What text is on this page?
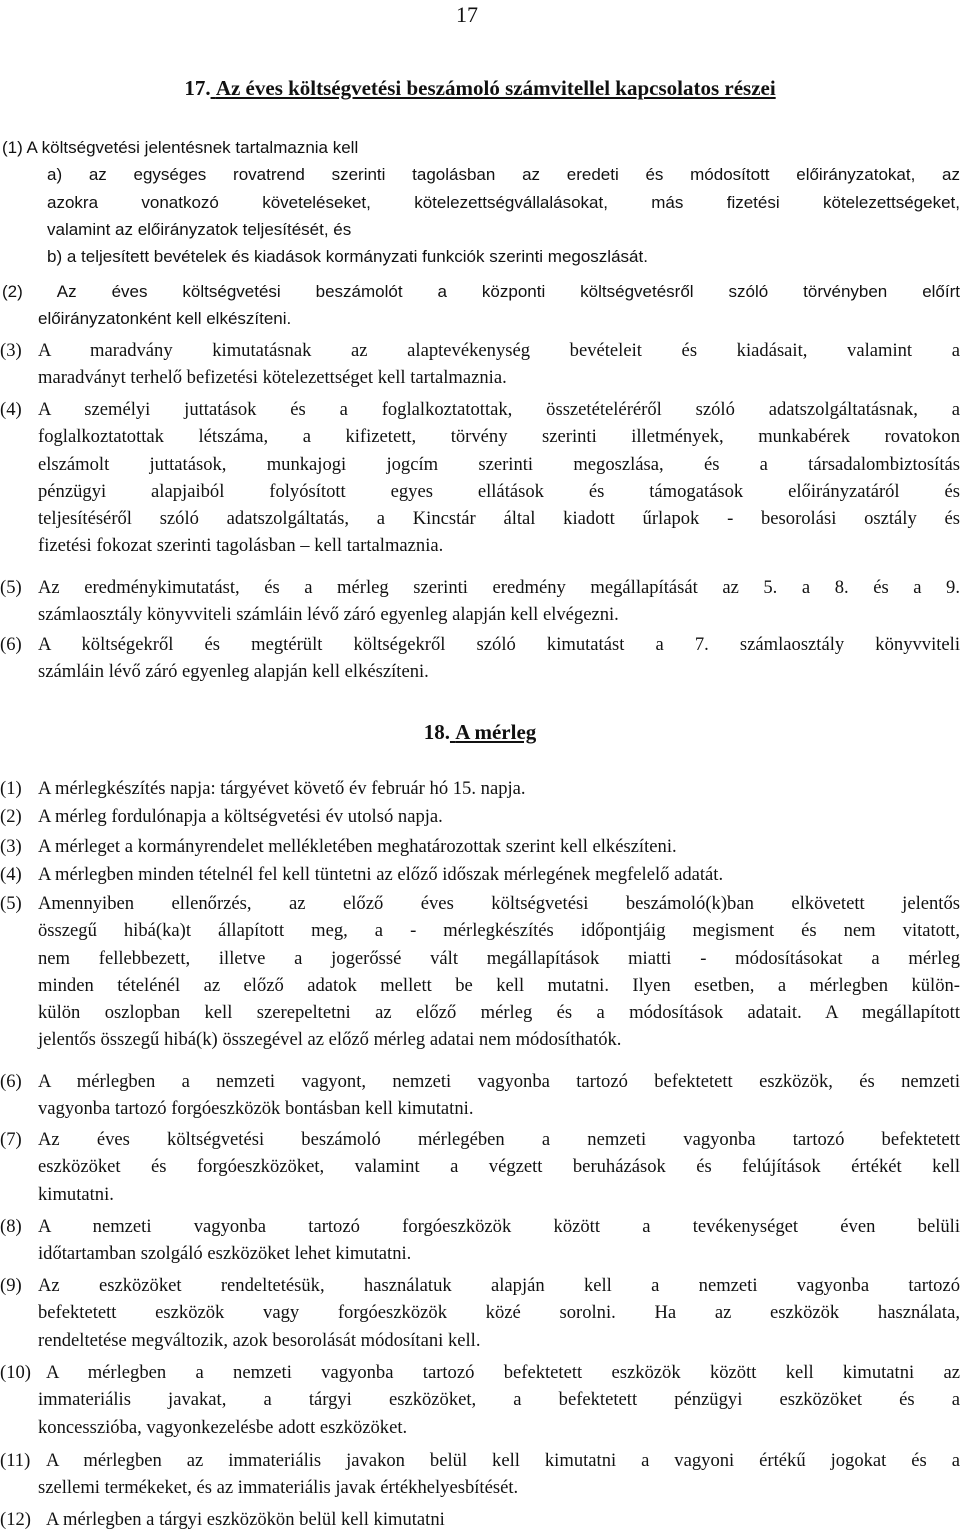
17
17. Az éves költségvetési beszámoló számvitellel kapcsolatos részei
(1) A költségvetési jelentésnek tartalmaznia kell
a) az egységes rovatrend szerinti tagolásban az eredeti és módosított előirányzatokat, az
azokra vonatkozó követeléseket, kötelezettségvállalásokat, más fizetési kötelezettségeket,
valamint az előirányzatok teljesítését, és
b) a teljesített bevételek és kiadások kormányzati funkciók szerinti megoszlását.
(2) Az éves költségvetési beszámolót a központi költségvetésről szóló törvényben előírt
előirányzatonként kell elkészíteni.
(3) A maradvány kimutatásnak az alaptevékenység bevételeit és kiadásait, valamint a
maradványt terhelő befizetési kötelezettséget kell tartalmaznia.
(4) A személyi juttatások és a foglalkoztatottak, összetételéréről szóló adatszolgáltatásnak, a
foglalkoztatottak létszáma, a kifizetett, törvény szerinti illetmények, munkabérek rovatokon
elszámolt juttatások, munkajogi jogcím szerinti megoszlása, és a társadalombiztosítás
pénzügyi alapjaiból folyósított egyes ellátások és támogatások előirányzatáról és
teljesítéséről szóló adatszolgáltatás, a Kincstár által kiadott űrlapok - besorolási osztály és
fizetési fokozat szerinti tagolásban – kell tartalmaznia.
(5) Az eredménykimutatást, és a mérleg szerinti eredmény megállapítását az 5. a 8. és a 9.
számlaosztály könyvviteli számláin lévő záró egyenleg alapján kell elvégezni.
(6) A költségekről és megtérült költségekről szóló kimutatást a 7. számlaosztály könyvviteli
számláin lévő záró egyenleg alapján kell elkészíteni.
18. A mérleg
(1) A mérlegkészítés napja: tárgyévet követő év február hó 15. napja.
(2) A mérleg fordulónapja a költségvetési év utolsó napja.
(3) A mérleget a kormányrendelet mellékletében meghatározottak szerint kell elkészíteni.
(4) A mérlegben minden tételnél fel kell tüntetni az előző időszak mérlegének megfelelő adatát.
(5) Amennyiben ellenőrzés, az előző éves költségvetési beszámoló(k)ban elkövetett jelentős
összegű hibá(ka)t állapított meg, a - mérlegkészítés időpontjáig megisment és nem vitatott,
nem fellebbezett, illetve a jogerőssé vált megállapítások miatti - módosításokat a mérleg
minden tételénél az előző adatok mellett be kell mutatni. Ilyen esetben, a mérlegben külön-
külön oszlopban kell szerepeltetni az előző mérleg és a módosítások adatait. A megállapított
jelentős összegű hibá(k) összegével az előző mérleg adatai nem módosíthatók.
(6) A mérlegben a nemzeti vagyont, nemzeti vagyonba tartozó befektetett eszközök, és nemzeti
vagyonba tartozó forgóeszközök bontásban kell kimutatni.
(7) Az éves költségvetési beszámoló mérlegében a nemzeti vagyonba tartozó befektetett
eszközöket és forgóeszközöket, valamint a végzett beruházások és felújítások értékét kell
kimutatni.
(8) A nemzeti vagyonba tartozó forgóeszközök között a tevékenységet éven belüli
időtartamban szolgáló eszközöket lehet kimutatni.
(9) Az eszközöket rendeltetésük, használatuk alapján kell a nemzeti vagyonba tartozó
befektetett eszközök vagy forgóeszközök közé sorolni. Ha az eszközök használata,
rendeltetése megváltozik, azok besorolását módosítani kell.
(10) A mérlegben a nemzeti vagyonba tartozó befektetett eszközök között kell kimutatni az
immateriális javakat, a tárgyi eszközöket, a befektetett pénzügyi eszközöket és a
koncesszióba, vagyonkezelésbe adott eszközöket.
(11) A mérlegben az immateriális javakon belül kell kimutatni a vagyoni értékű jogokat és a
szellemi termékeket, és az immateriális javak értékhelyesbítését.
(12) A mérlegben a tárgyi eszközökön belül kell kimutatni
